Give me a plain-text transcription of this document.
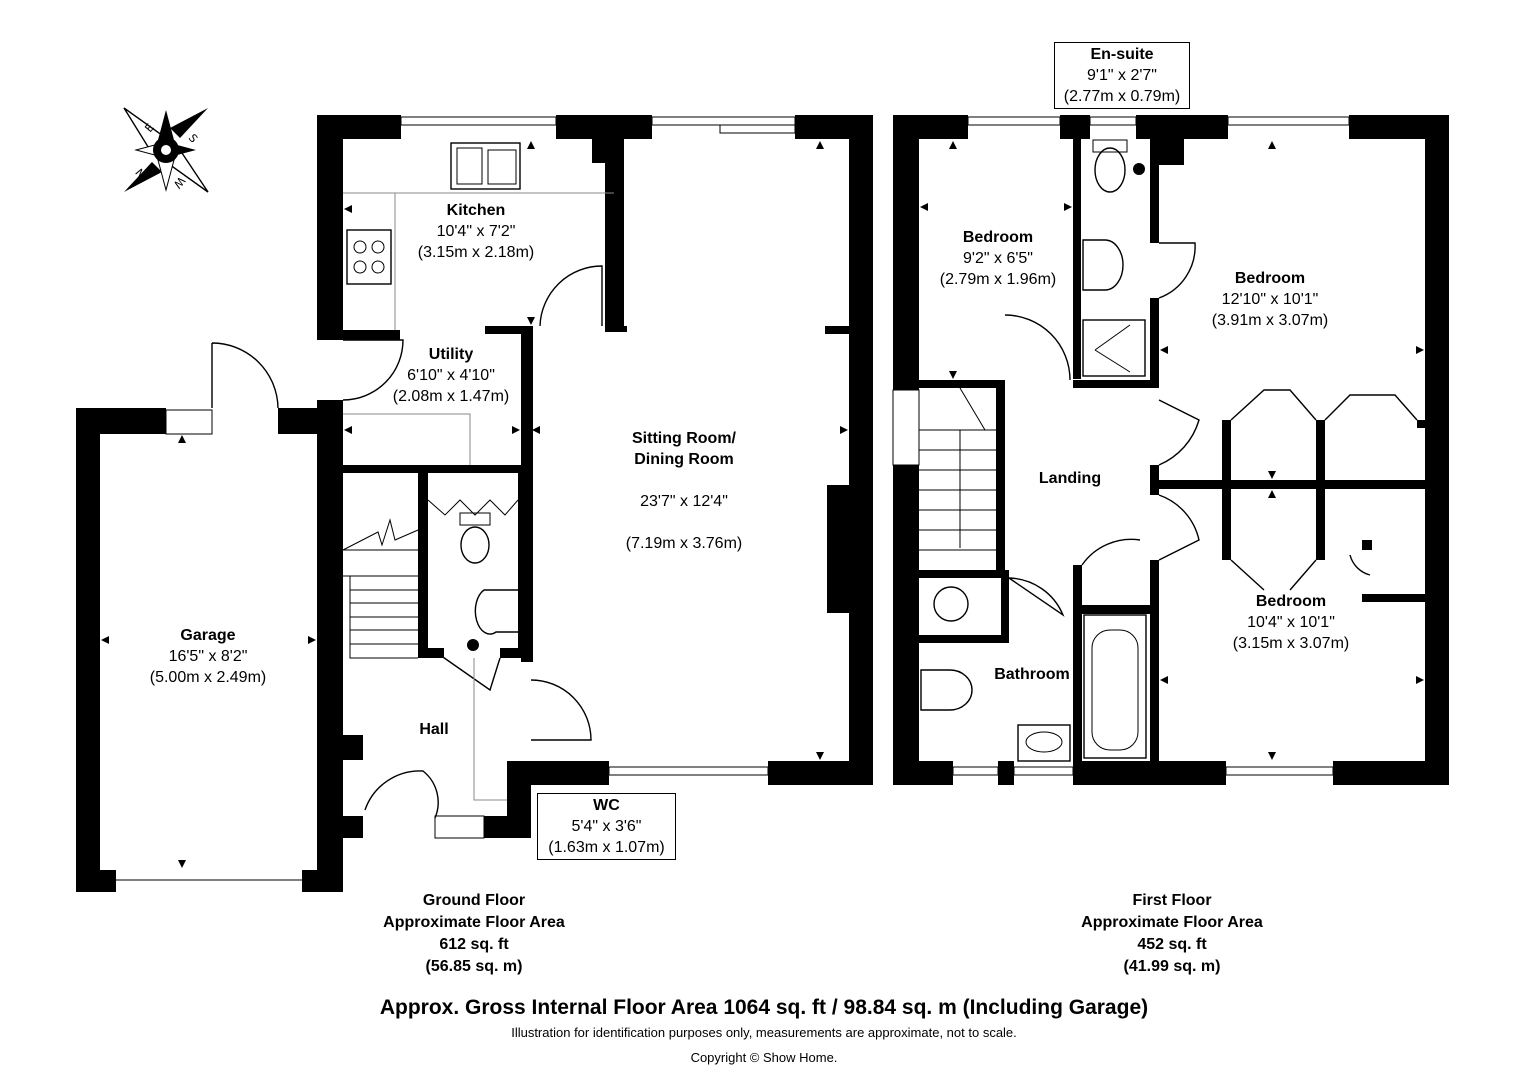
E
S
W
N
Kitchen
10'4" x 7'2"
(3.15m x 2.18m)
Utility
6'10" x 4'10"
(2.08m x 1.47m)

Sitting Room/
Dining Room

23'7" x 12'4"

(7.19m x 3.76m)

Garage
16'5" x 8'2"
(5.00m x 2.49m)
Hall
WC
5'4" x 3'6"
(1.63m x 1.07m)
En-suite
9'1" x 2'7"
(2.77m x 0.79m)
Bedroom
9'2" x 6'5"
(2.79m x 1.96m)	Bedroom
12'10" x 10'1"
(3.91m x 3.07m)
Landing
Bedroom
10'4" x 10'1"
(3.15m x 3.07m)
Bathroom
Ground Floor
Approximate Floor Area
612 sq. ft
(56.85 sq. m)
First Floor
Approximate Floor Area
452 sq. ft
(41.99 sq. m)
Approx. Gross Internal Floor Area 1064 sq. ft / 98.84 sq. m (Including Garage)
Illustration for identification purposes only, measurements are approximate, not to scale.
Copyright © Show Home.
